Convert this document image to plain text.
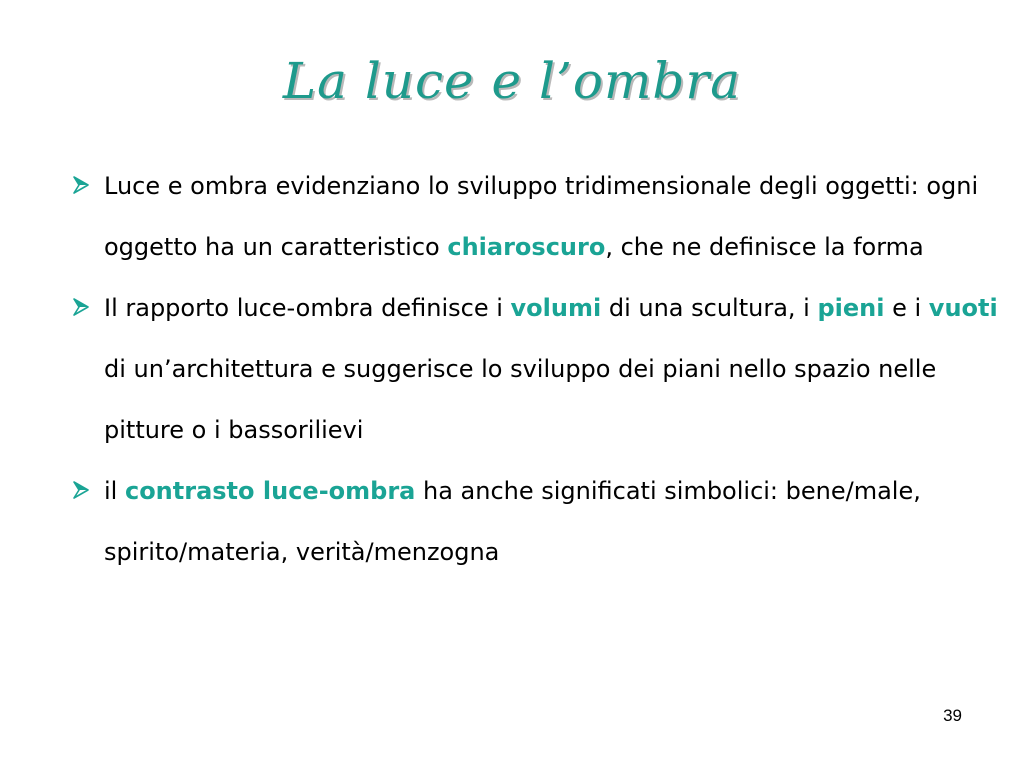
La luce e l’ombra
Luce e ombra evidenziano lo sviluppo tridimensionale degli oggetti: ogni oggetto ha un caratteristico chiaroscuro, che ne definisce la forma
Il rapporto luce-ombra definisce i volumi di una scultura, i pieni e i vuoti di un’architettura e suggerisce lo sviluppo dei piani nello spazio nelle pitture o i bassorilievi
il contrasto luce-ombra ha anche significati simbolici: bene/male, spirito/materia, verità/menzogna
39
